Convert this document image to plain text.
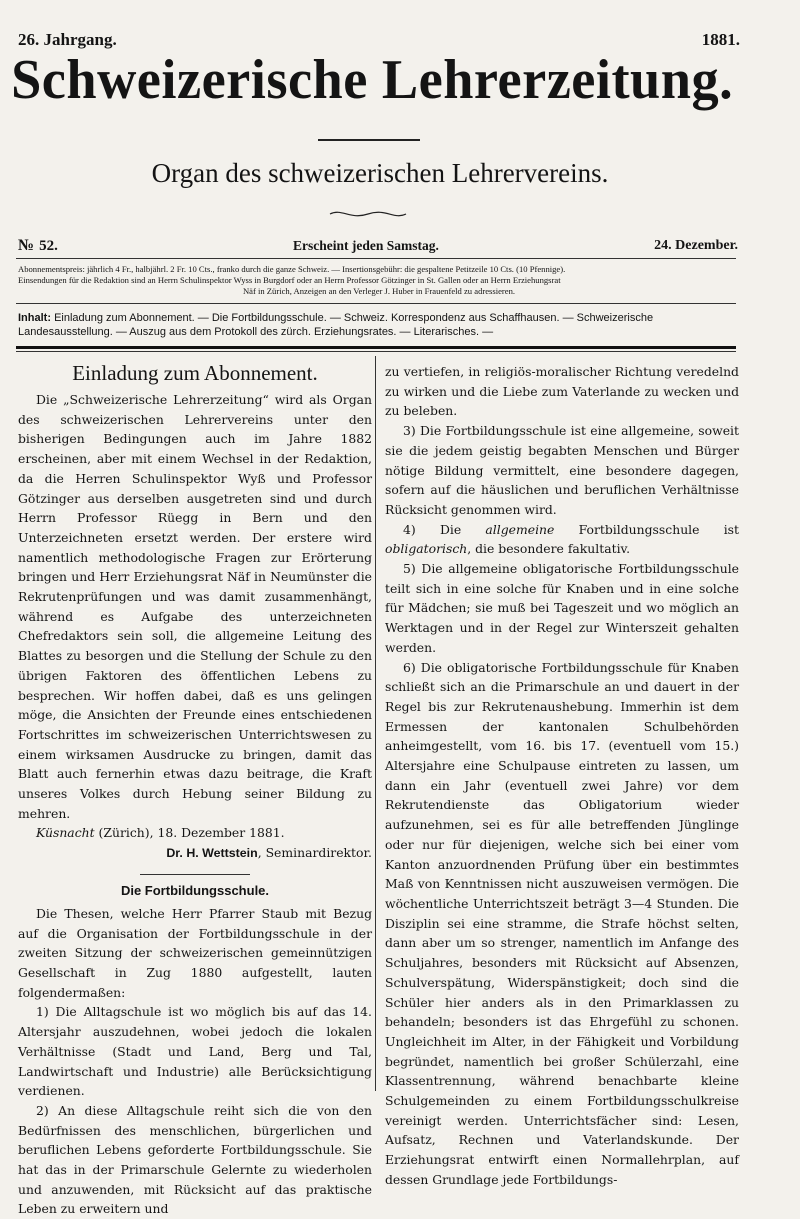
26. Jahrgang.	1881.
Schweizerische Lehrerzeitung.
Organ des schweizerischen Lehrervereins.
№ 52.	Erscheint jeden Samstag.	24. Dezember.

Abonnementspreis: jährlich 4 Fr., halbjährl. 2 Fr. 10 Cts., franko durch die ganze Schweiz. — Insertionsgebühr: die gespaltene Petitzeile 10 Cts. (10 Pfennige).

Einsendungen für die Redaktion sind an Herrn Schulinspektor Wyss in Burgdorf oder an Herrn Professor Götzinger in St. Gallen oder an Herrn Erziehungsrat

Näf in Zürich, Anzeigen an den Verleger J. Huber in Frauenfeld zu adressieren.

Inhalt: Einladung zum Abonnement. — Die Fortbildungsschule. — Schweiz. Korrespondenz aus Schaffhausen. — Schweizerische Landesausstellung. — Auszug aus dem Protokoll des zürch. Erziehungsrates. — Literarisches. —

Einladung zum Abonnement.

Die „Schweizerische Lehrerzeitung“ wird als Organ des schweizerischen Lehrervereins unter den bisherigen Bedingungen auch im Jahre 1882 erscheinen, aber mit einem Wechsel in der Redaktion, da die Herren Schulinspektor Wyß und Professor Götzinger aus derselben ausgetreten sind und durch Herrn Professor Rüegg in Bern und den Unterzeichneten ersetzt werden. Der erstere wird namentlich methodologische Fragen zur Erörterung bringen und Herr Erziehungsrat Näf in Neumünster die Rekrutenprüfungen und was damit zusammenhängt, während es Aufgabe des unterzeichneten Chefredaktors sein soll, die allgemeine Leitung des Blattes zu besorgen und die Stellung der Schule zu den übrigen Faktoren des öffentlichen Lebens zu besprechen. Wir hoffen dabei, daß es uns gelingen möge, die Ansichten der Freunde eines entschiedenen Fortschrittes im schweizerischen Unterrichtswesen zu einem wirksamen Ausdrucke zu bringen, damit das Blatt auch fernerhin etwas dazu beitrage, die Kraft unseres Volkes durch Hebung seiner Bildung zu mehren.

Küsnacht (Zürich), 18. Dezember 1881.

Dr. H. Wettstein, Seminardirektor.

Die Fortbildungsschule.

Die Thesen, welche Herr Pfarrer Staub mit Bezug auf die Organisation der Fortbildungsschule in der zweiten Sitzung der schweizerischen gemeinnützigen Gesellschaft in Zug 1880 aufgestellt, lauten folgendermaßen:

1) Die Alltagschule ist wo möglich bis auf das 14. Altersjahr auszudehnen, wobei jedoch die lokalen Verhältnisse (Stadt und Land, Berg und Tal, Landwirtschaft und Industrie) alle Berücksichtigung verdienen.

2) An diese Alltagschule reiht sich die von den Bedürfnissen des menschlichen, bürgerlichen und beruflichen Lebens geforderte Fortbildungsschule. Sie hat das in der Primarschule Gelernte zu wiederholen und anzuwenden, mit Rücksicht auf das praktische Leben zu erweitern und

zu vertiefen, in religiös-moralischer Richtung veredelnd zu wirken und die Liebe zum Vaterlande zu wecken und zu beleben.

3) Die Fortbildungsschule ist eine allgemeine, soweit sie die jedem geistig begabten Menschen und Bürger nötige Bildung vermittelt, eine besondere dagegen, sofern auf die häuslichen und beruflichen Verhältnisse Rücksicht genommen wird.

4) Die allgemeine Fortbildungsschule ist obligatorisch, die besondere fakultativ.

5) Die allgemeine obligatorische Fortbildungsschule teilt sich in eine solche für Knaben und in eine solche für Mädchen; sie muß bei Tageszeit und wo möglich an Werktagen und in der Regel zur Winterszeit gehalten werden.

6) Die obligatorische Fortbildungsschule für Knaben schließt sich an die Primarschule an und dauert in der Regel bis zur Rekrutenaushebung. Immerhin ist dem Ermessen der kantonalen Schulbehörden anheimgestellt, vom 16. bis 17. (eventuell vom 15.) Altersjahre eine Schulpause eintreten zu lassen, um dann ein Jahr (eventuell zwei Jahre) vor dem Rekrutendienste das Obligatorium wieder aufzunehmen, sei es für alle betreffenden Jünglinge oder nur für diejenigen, welche sich bei einer vom Kanton anzuordnenden Prüfung über ein bestimmtes Maß von Kenntnissen nicht auszuweisen vermögen. Die wöchentliche Unterrichtszeit beträgt 3—4 Stunden. Die Disziplin sei eine stramme, die Strafe höchst selten, dann aber um so strenger, namentlich im Anfange des Schuljahres, besonders mit Rücksicht auf Absenzen, Schulverspätung, Widerspänstigkeit; doch sind die Schüler hier anders als in den Primarklassen zu behandeln; besonders ist das Ehrgefühl zu schonen. Ungleichheit im Alter, in der Fähigkeit und Vorbildung begründet, namentlich bei großer Schülerzahl, eine Klassentrennung, während benachbarte kleine Schulgemeinden zu einem Fortbildungsschulkreise vereinigt werden. Unterrichtsfächer sind: Lesen, Aufsatz, Rechnen und Vaterlandskunde. Der Erziehungsrat entwirft einen Normallehrplan, auf dessen Grundlage jede Fortbildungs-
